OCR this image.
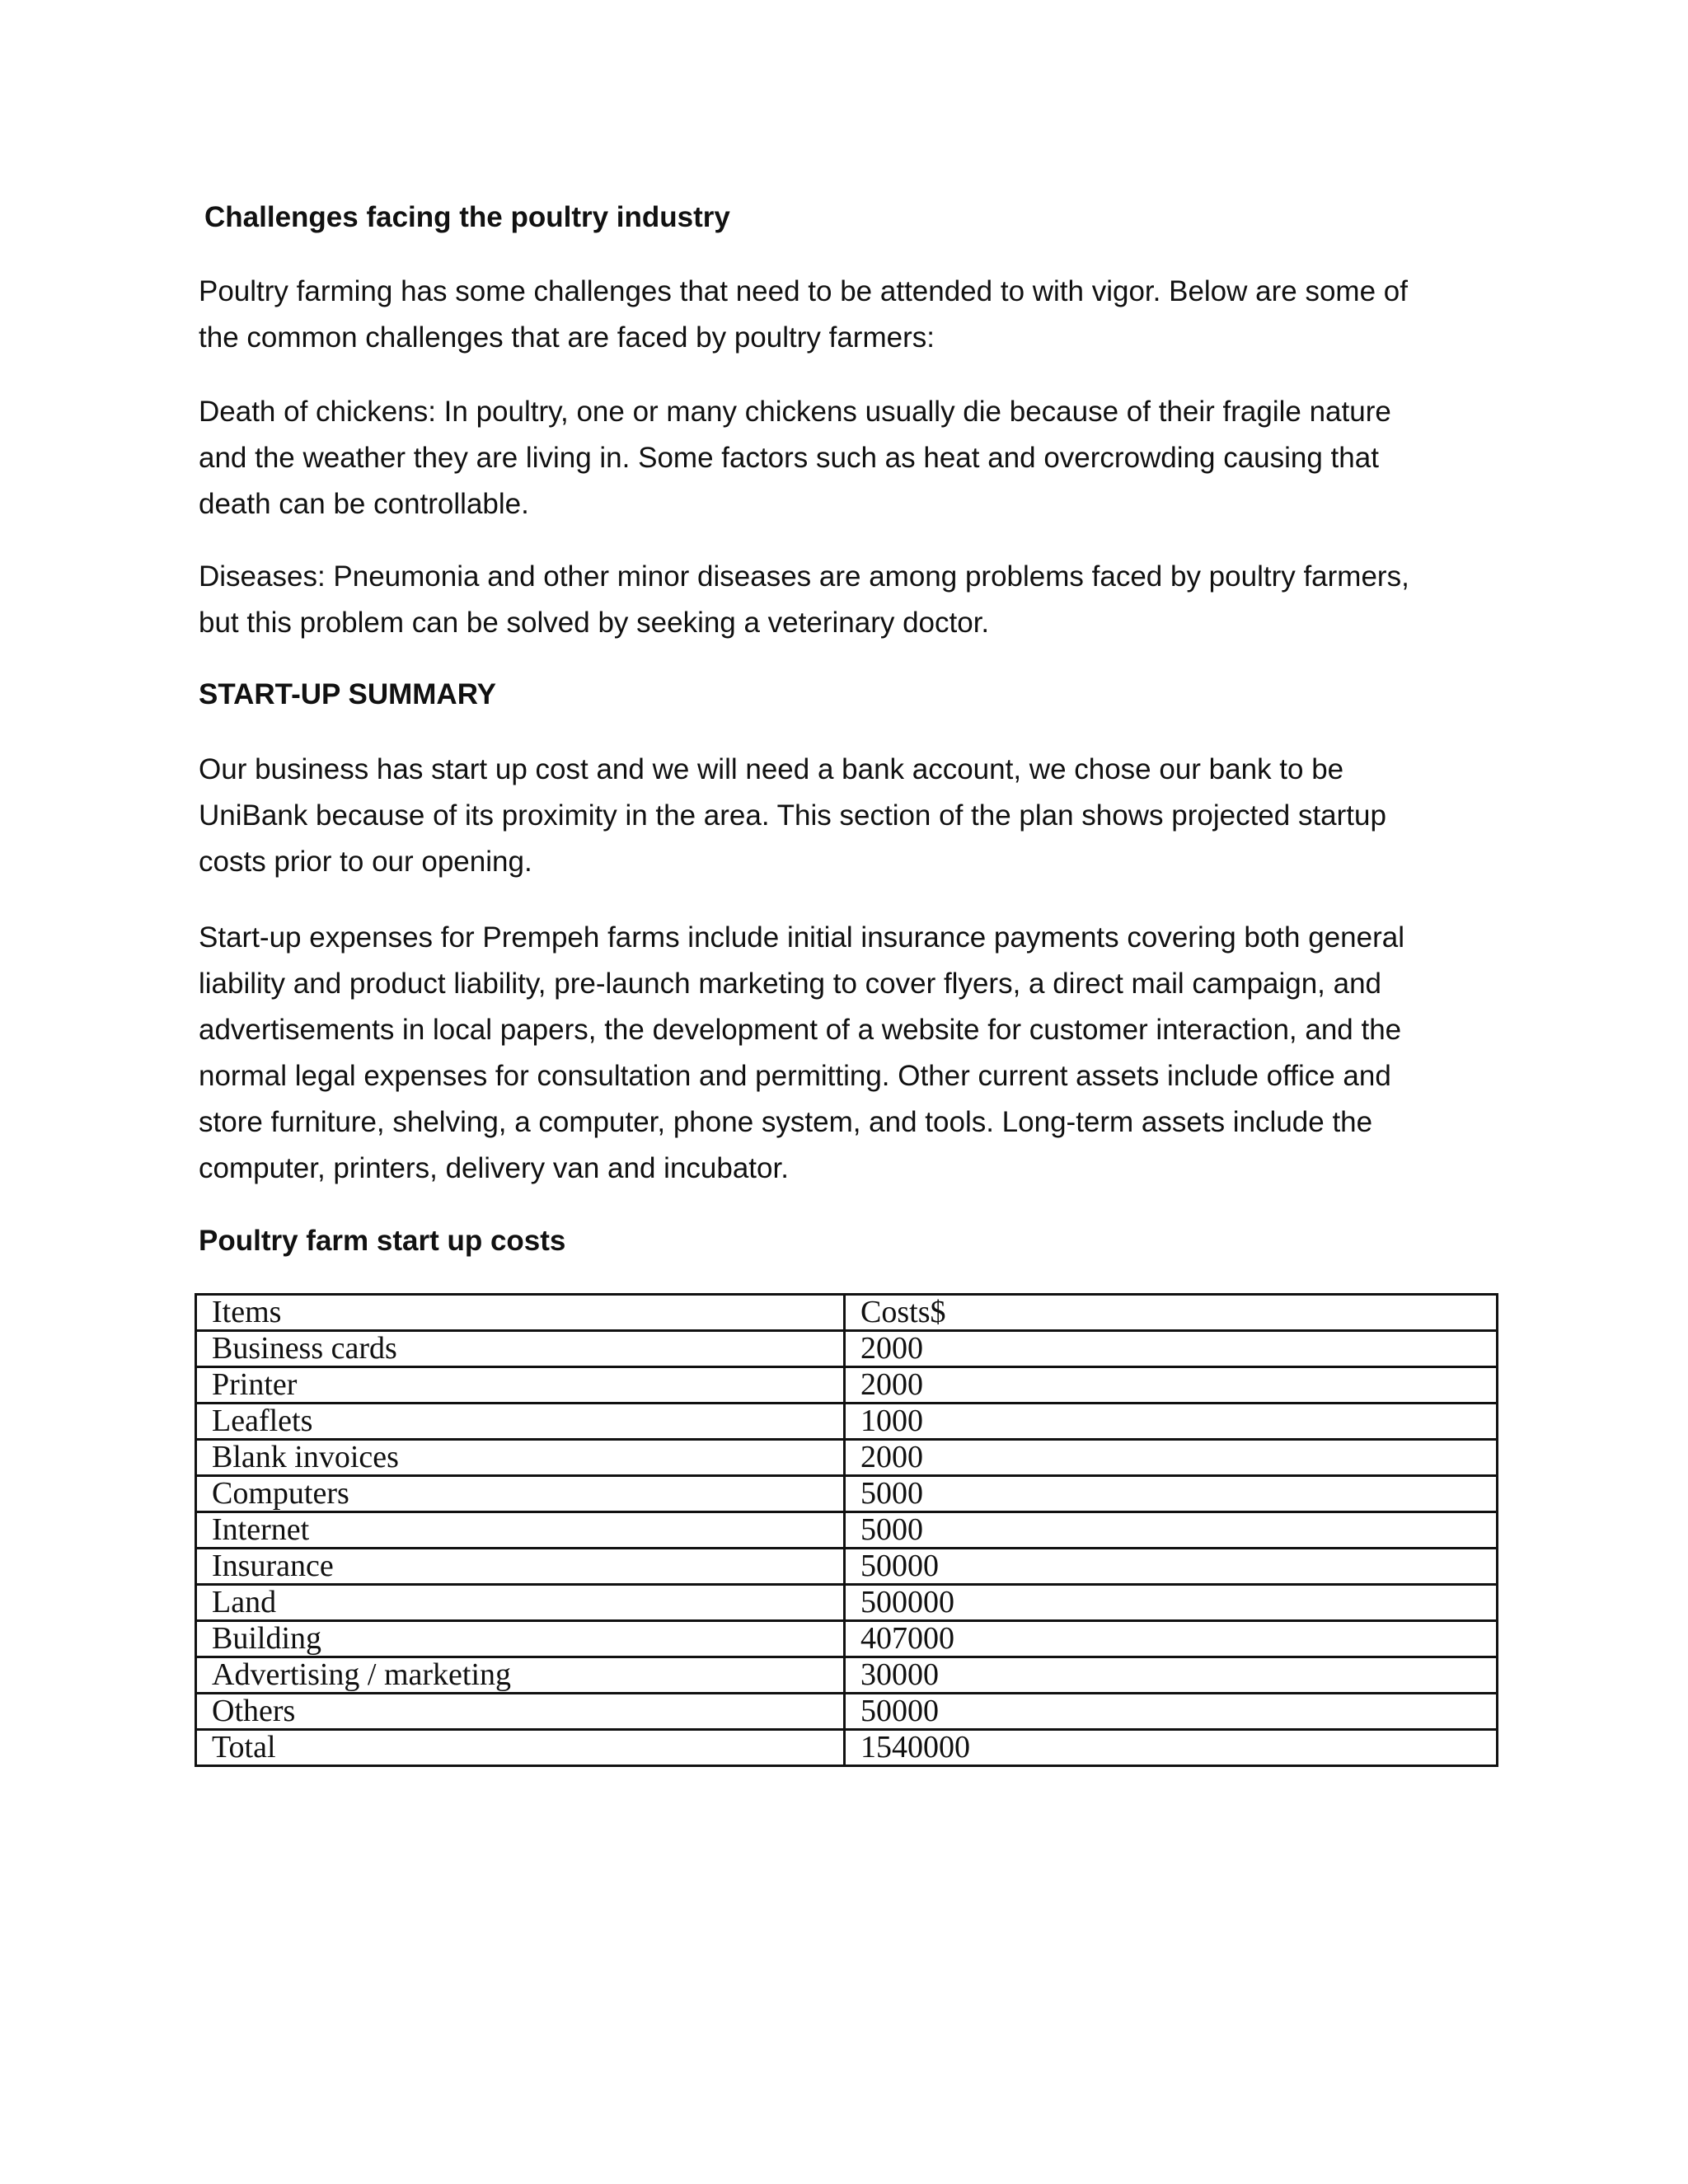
Challenges facing the poultry industry

Poultry farming has some challenges that need to be attended to with vigor. Below are some of
the common challenges that are faced by poultry farmers:

Death of chickens: In poultry, one or many chickens usually die because of their fragile nature
and the weather they are living in. Some factors such as heat and overcrowding causing that
death can be controllable.

Diseases: Pneumonia and other minor diseases are among problems faced by poultry farmers,
but this problem can be solved by seeking a veterinary doctor.

START-UP SUMMARY

Our business has start up cost and we will need a bank account, we chose our bank to be
UniBank because of its proximity in the area. This section of the plan shows projected startup
costs prior to our opening.

Start-up expenses for Prempeh farms include initial insurance payments covering both general
liability and product liability, pre-launch marketing to cover flyers, a direct mail campaign, and
advertisements in local papers, the development of a website for customer interaction, and the
normal legal expenses for consultation and permitting. Other current assets include office and
store furniture, shelving, a computer, phone system, and tools. Long-term assets include the
computer, printers, delivery van and incubator.

Poultry farm start up costs
Items	Costs$
Business cards	2000
Printer	2000
Leaflets	1000
Blank invoices	2000
Computers	5000
Internet	5000
Insurance	50000
Land	500000
Building	407000
Advertising / marketing	30000
Others	50000
Total	1540000
